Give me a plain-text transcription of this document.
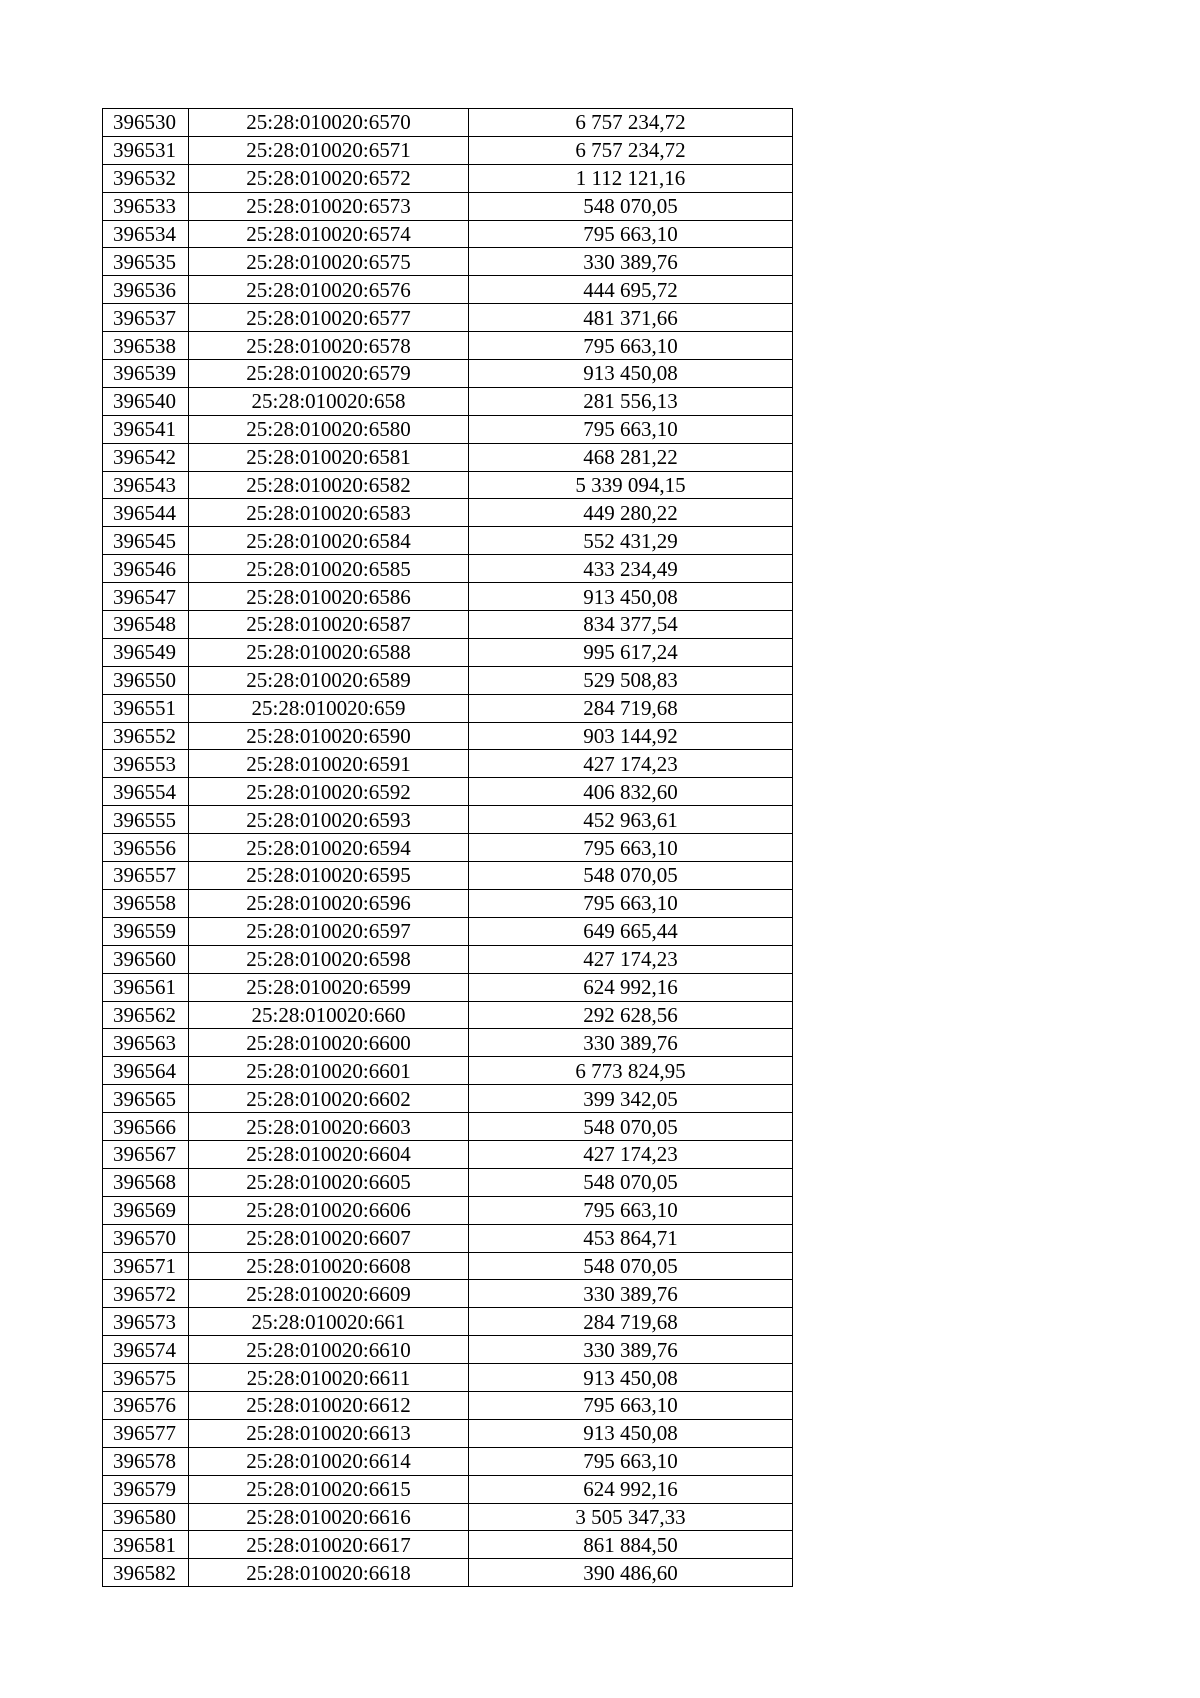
396530	25:28:010020:6570	6 757 234,72
396531	25:28:010020:6571	6 757 234,72
396532	25:28:010020:6572	1 112 121,16
396533	25:28:010020:6573	548 070,05
396534	25:28:010020:6574	795 663,10
396535	25:28:010020:6575	330 389,76
396536	25:28:010020:6576	444 695,72
396537	25:28:010020:6577	481 371,66
396538	25:28:010020:6578	795 663,10
396539	25:28:010020:6579	913 450,08
396540	25:28:010020:658	281 556,13
396541	25:28:010020:6580	795 663,10
396542	25:28:010020:6581	468 281,22
396543	25:28:010020:6582	5 339 094,15
396544	25:28:010020:6583	449 280,22
396545	25:28:010020:6584	552 431,29
396546	25:28:010020:6585	433 234,49
396547	25:28:010020:6586	913 450,08
396548	25:28:010020:6587	834 377,54
396549	25:28:010020:6588	995 617,24
396550	25:28:010020:6589	529 508,83
396551	25:28:010020:659	284 719,68
396552	25:28:010020:6590	903 144,92
396553	25:28:010020:6591	427 174,23
396554	25:28:010020:6592	406 832,60
396555	25:28:010020:6593	452 963,61
396556	25:28:010020:6594	795 663,10
396557	25:28:010020:6595	548 070,05
396558	25:28:010020:6596	795 663,10
396559	25:28:010020:6597	649 665,44
396560	25:28:010020:6598	427 174,23
396561	25:28:010020:6599	624 992,16
396562	25:28:010020:660	292 628,56
396563	25:28:010020:6600	330 389,76
396564	25:28:010020:6601	6 773 824,95
396565	25:28:010020:6602	399 342,05
396566	25:28:010020:6603	548 070,05
396567	25:28:010020:6604	427 174,23
396568	25:28:010020:6605	548 070,05
396569	25:28:010020:6606	795 663,10
396570	25:28:010020:6607	453 864,71
396571	25:28:010020:6608	548 070,05
396572	25:28:010020:6609	330 389,76
396573	25:28:010020:661	284 719,68
396574	25:28:010020:6610	330 389,76
396575	25:28:010020:6611	913 450,08
396576	25:28:010020:6612	795 663,10
396577	25:28:010020:6613	913 450,08
396578	25:28:010020:6614	795 663,10
396579	25:28:010020:6615	624 992,16
396580	25:28:010020:6616	3 505 347,33
396581	25:28:010020:6617	861 884,50
396582	25:28:010020:6618	390 486,60
